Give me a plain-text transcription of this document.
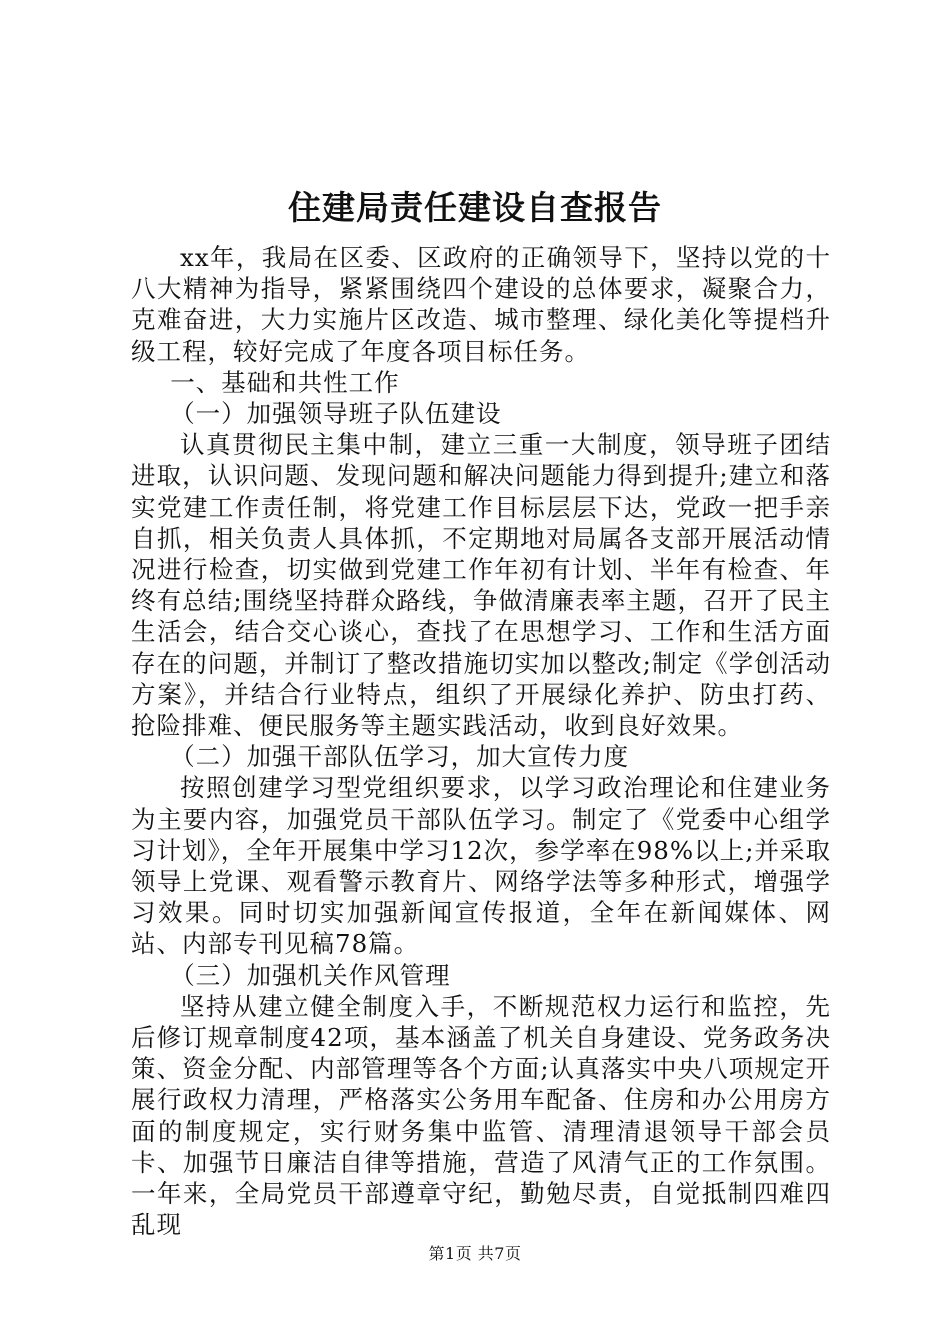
住建局责任建设自查报告

xx年，我局在区委、区政府的正确领导下，坚持以党的十八大精神为指导，紧紧围绕四个建设的总体要求，凝聚合力，克难奋进，大力实施片区改造、城市整理、绿化美化等提档升级工程，较好完成了年度各项目标任务。

一、基础和共性工作

（一）加强领导班子队伍建设

认真贯彻民主集中制，建立三重一大制度，领导班子团结进取，认识问题、发现问题和解决问题能力得到提升;建立和落实党建工作责任制，将党建工作目标层层下达，党政一把手亲自抓，相关负责人具体抓，不定期地对局属各支部开展活动情况进行检查，切实做到党建工作年初有计划、半年有检查、年终有总结;围绕坚持群众路线，争做清廉表率主题，召开了民主生活会，结合交心谈心，查找了在思想学习、工作和生活方面存在的问题，并制订了整改措施切实加以整改;制定《学创活动方案》，并结合行业特点，组织了开展绿化养护、防虫打药、抢险排难、便民服务等主题实践活动，收到良好效果。

（二）加强干部队伍学习，加大宣传力度

按照创建学习型党组织要求，以学习政治理论和住建业务为主要内容，加强党员干部队伍学习。制定了《党委中心组学习计划》，全年开展集中学习12次，参学率在98%以上;并采取领导上党课、观看警示教育片、网络学法等多种形式，增强学习效果。同时切实加强新闻宣传报道，全年在新闻媒体、网站、内部专刊见稿78篇。

（三）加强机关作风管理

坚持从建立健全制度入手，不断规范权力运行和监控，先后修订规章制度42项，基本涵盖了机关自身建设、党务政务决策、资金分配、内部管理等各个方面;认真落实中央八项规定开展行政权力清理，严格落实公务用车配备、住房和办公用房方面的制度规定，实行财务集中监管、清理清退领导干部会员卡、加强节日廉洁自律等措施，营造了风清气正的工作氛围。一年来，全局党员干部遵章守纪，勤勉尽责，自觉抵制四难四乱现

第1页 共7页
